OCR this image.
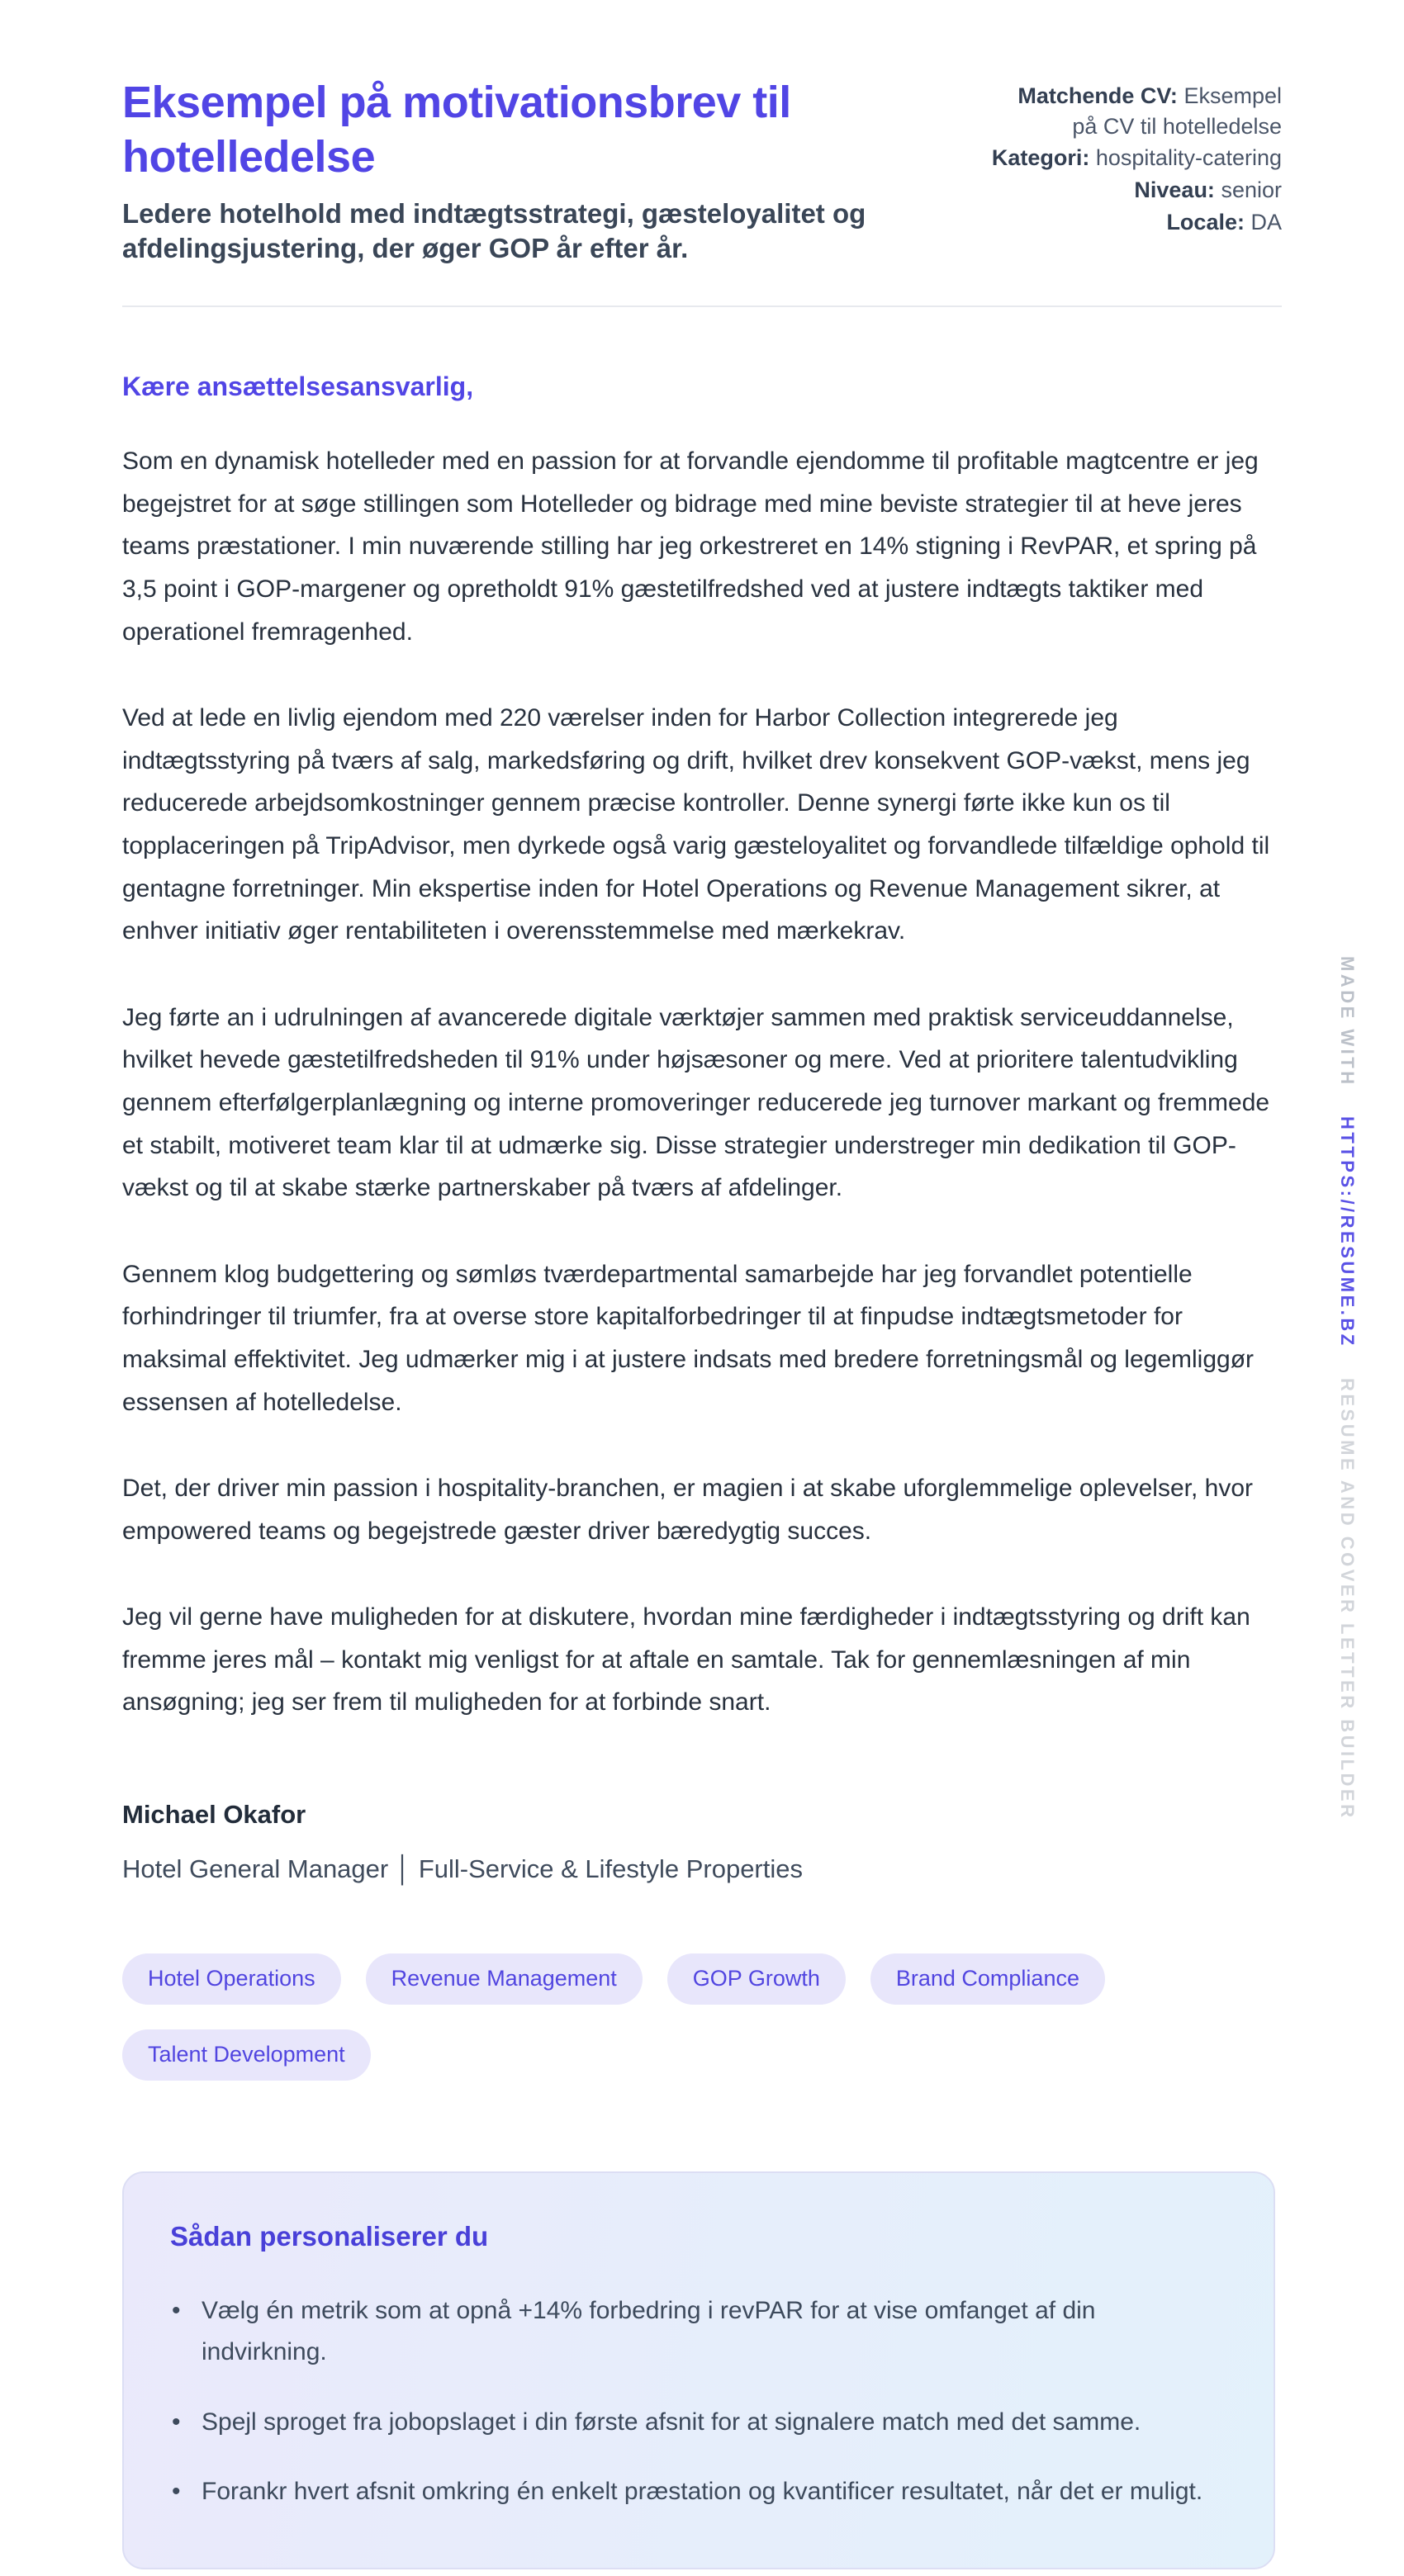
Eksempel på motivationsbrev til hotelledelse

Ledere hotelhold med indtægtsstrategi, gæsteloyalitet og afdelingsjustering, der øger GOP år efter år.

Matchende CV: Eksempel på CV til hotelledelse
Kategori: hospitality-catering
Niveau: senior
Locale: DA
Kære ansættelsesansvarlig,

Som en dynamisk hotelleder med en passion for at forvandle ejendomme til profitable magtcentre er jeg begejstret for at søge stillingen som Hotelleder og bidrage med mine beviste strategier til at heve jeres teams præstationer. I min nuværende stilling har jeg orkestreret en 14% stigning i RevPAR, et spring på 3,5 point i GOP-margener og opretholdt 91% gæstetilfredshed ved at justere indtægts taktiker med operationel fremragenhed.

Ved at lede en livlig ejendom med 220 værelser inden for Harbor Collection integrerede jeg indtægtsstyring på tværs af salg, markedsføring og drift, hvilket drev konsekvent GOP-vækst, mens jeg reducerede arbejdsomkostninger gennem præcise kontroller. Denne synergi førte ikke kun os til topplaceringen på TripAdvisor, men dyrkede også varig gæsteloyalitet og forvandlede tilfældige ophold til gentagne forretninger. Min ekspertise inden for Hotel Operations og Revenue Management sikrer, at enhver initiativ øger rentabiliteten i overensstemmelse med mærkekrav.

Jeg førte an i udrulningen af avancerede digitale værktøjer sammen med praktisk serviceuddannelse, hvilket hevede gæstetilfredsheden til 91% under højsæsoner og mere. Ved at prioritere talentudvikling gennem efterfølgerplanlægning og interne promoveringer reducerede jeg turnover markant og fremmede et stabilt, motiveret team klar til at udmærke sig. Disse strategier understreger min dedikation til GOP-vækst og til at skabe stærke partnerskaber på tværs af afdelinger.

Gennem klog budgettering og sømløs tværdepartmental samarbejde har jeg forvandlet potentielle forhindringer til triumfer, fra at overse store kapitalforbedringer til at finpudse indtægtsmetoder for maksimal effektivitet. Jeg udmærker mig i at justere indsats med bredere forretningsmål og legemliggør essensen af hotelledelse.

Det, der driver min passion i hospitality-branchen, er magien i at skabe uforglemmelige oplevelser, hvor empowered teams og begejstrede gæster driver bæredygtig succes.

Jeg vil gerne have muligheden for at diskutere, hvordan mine færdigheder i indtægtsstyring og drift kan fremme jeres mål – kontakt mig venligst for at aftale en samtale. Tak for gennemlæsningen af min ansøgning; jeg ser frem til muligheden for at forbinde snart.

Michael Okafor
Hotel General Manager │ Full-Service & Lifestyle Properties
Hotel Operations	Revenue Management	GOP Growth	Brand Compliance
Talent Development
Sådan personaliserer du
• Vælg én metrik som at opnå +14% forbedring i revPAR for at vise omfanget af din indvirkning.
• Spejl sproget fra jobopslaget i din første afsnit for at signalere match med det samme.
• Forankr hvert afsnit omkring én enkelt præstation og kvantificer resultatet, når det er muligt.
MADE WITH HTTPS://RESUME.BZ RESUME AND COVER LETTER BUILDER
